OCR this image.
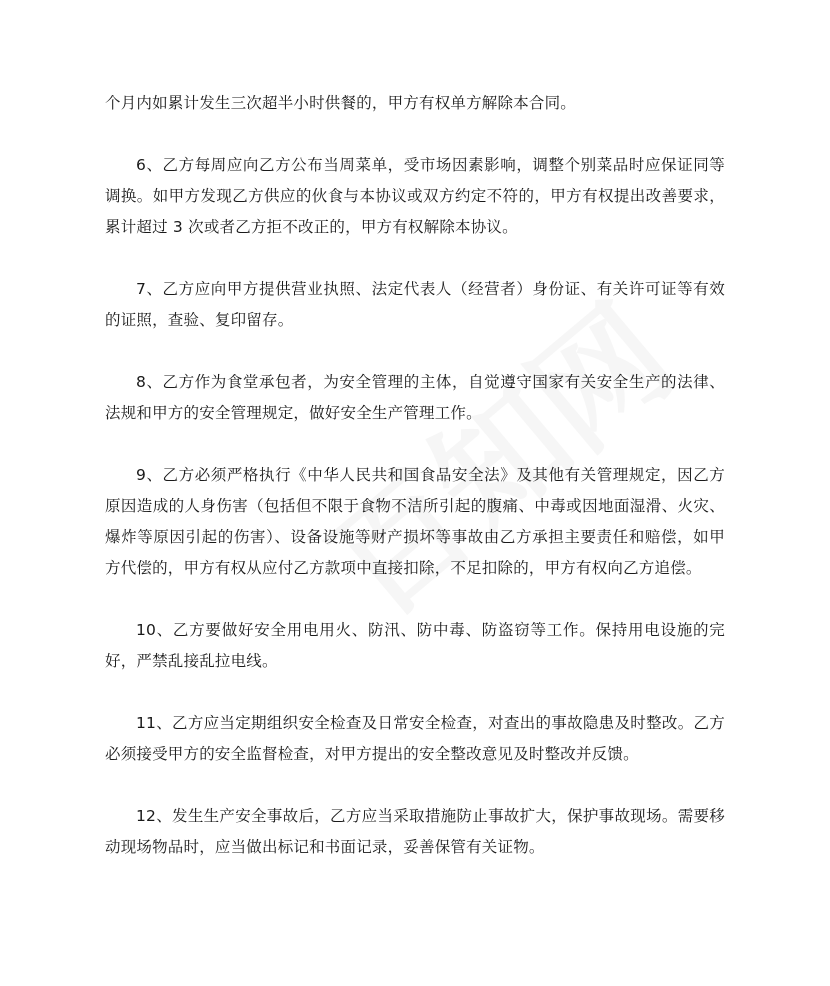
个月内如累计发生三次超半小时供餐的，甲方有权单方解除本合同。

6、乙方每周应向乙方公布当周菜单，受市场因素影响，调整个别菜品时应保证同等调换。如甲方发现乙方供应的伙食与本协议或双方约定不符的，甲方有权提出改善要求，累计超过 3 次或者乙方拒不改正的，甲方有权解除本协议。

7、乙方应向甲方提供营业执照、法定代表人（经营者）身份证、有关许可证等有效的证照，查验、复印留存。

8、乙方作为食堂承包者，为安全管理的主体，自觉遵守国家有关安全生产的法律、法规和甲方的安全管理规定，做好安全生产管理工作。

9、乙方必须严格执行《中华人民共和国食品安全法》及其他有关管理规定，因乙方原因造成的人身伤害（包括但不限于食物不洁所引起的腹痛、中毒或因地面湿滑、火灾、爆炸等原因引起的伤害）、设备设施等财产损坏等事故由乙方承担主要责任和赔偿，如甲方代偿的，甲方有权从应付乙方款项中直接扣除，不足扣除的，甲方有权向乙方追偿。

10、乙方要做好安全用电用火、防汛、防中毒、防盗窃等工作。保持用电设施的完好，严禁乱接乱拉电线。

11、乙方应当定期组织安全检查及日常安全检查，对查出的事故隐患及时整改。乙方必须接受甲方的安全监督检查，对甲方提出的安全整改意见及时整改并反馈。

12、发生生产安全事故后，乙方应当采取措施防止事故扩大，保护事故现场。需要移动现场物品时，应当做出标记和书面记录，妥善保管有关证物。
